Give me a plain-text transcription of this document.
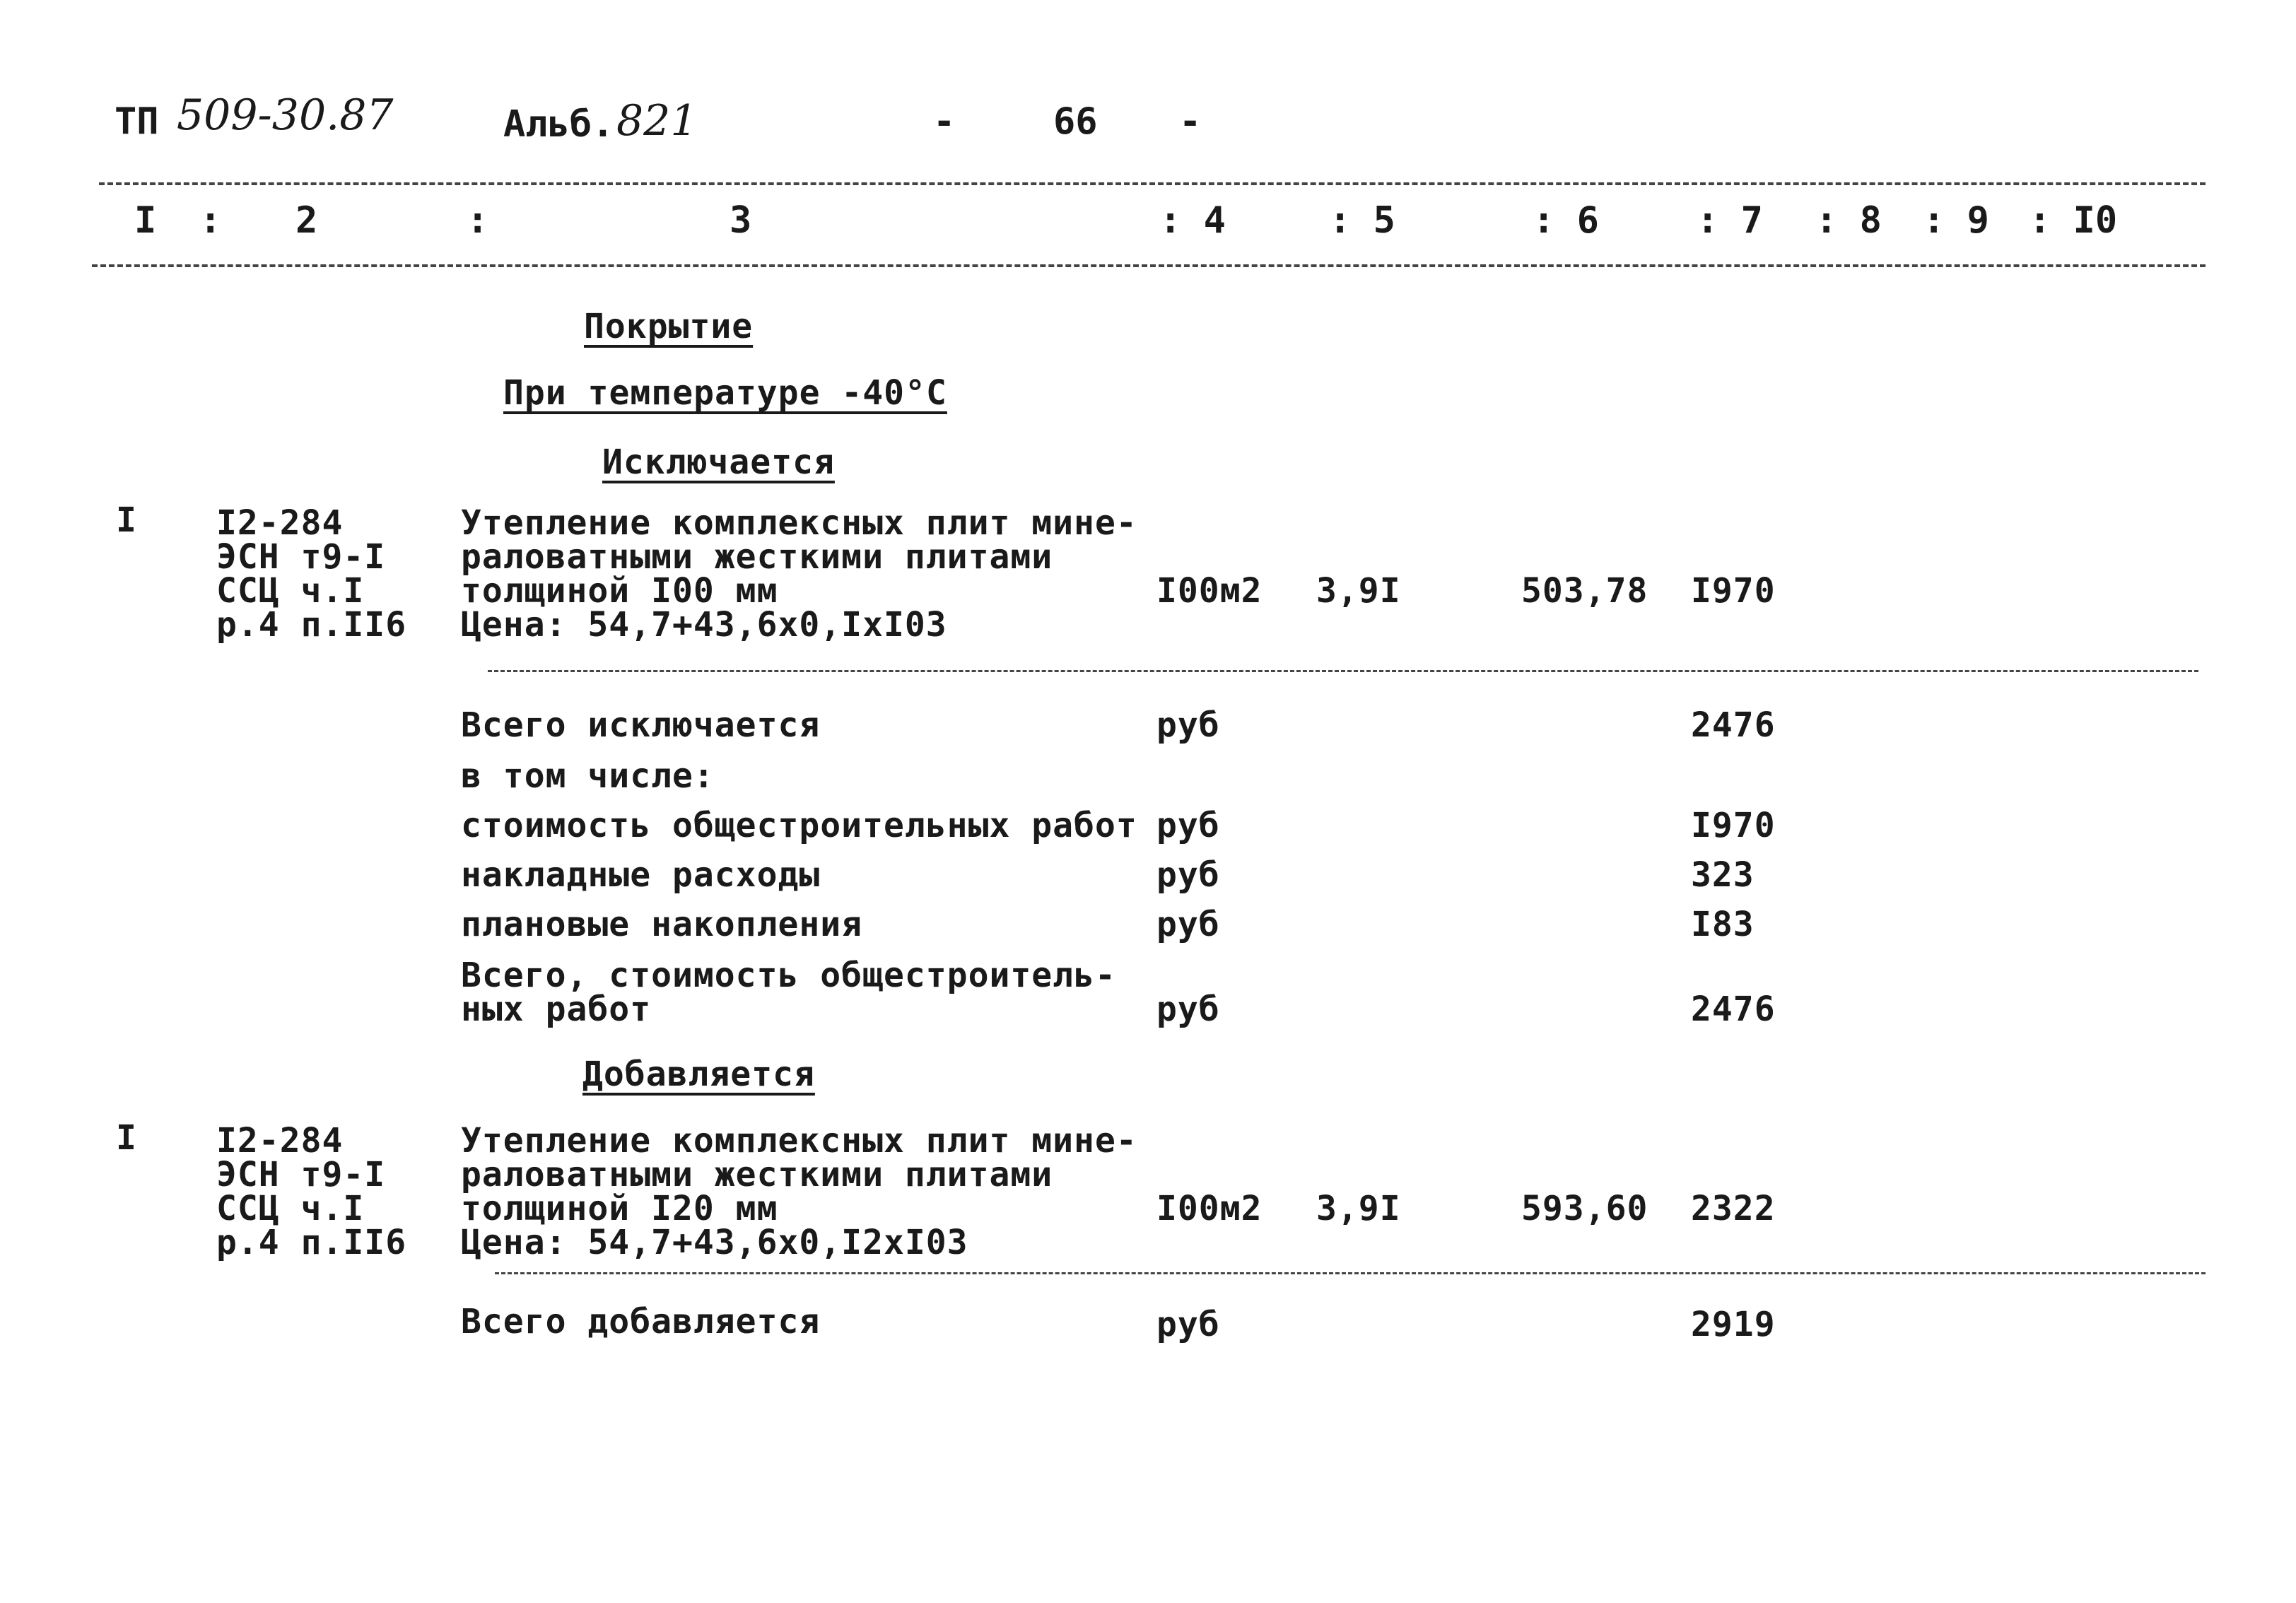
ТП 509-30.87	Альб. 821	-	66 -
I : 2	:	3	: 4	: 5	: 6	: 7 : 8 : 9 : I0
Покрытие
При температуре -40°С
Исключается
I I2-284
ЭСН т9-I
ССЦ ч.I
р.4 п.II6
Утепление комплексных плит мине-
раловатными жесткими плитами
толщиной I00 мм
Цена: 54,7+43,6х0,IхI03
I00м2 3,9I	503,78 I970
Всего исключается	руб	2476
в том числе:
стоимость общестроительных работ руб	I970
накладные расходы	руб	323
плановые накопления	руб	I83
Всего, стоимость общестроитель-
ных работ	руб	2476
Добавляется
I I2-284
ЭСН т9-I
ССЦ ч.I
р.4 п.II6
Утепление комплексных плит мине-
раловатными жесткими плитами
толщиной I20 мм
Цена: 54,7+43,6х0,I2хI03
I00м2 3,9I	593,60 2322
Всего добавляется	руб	2919
